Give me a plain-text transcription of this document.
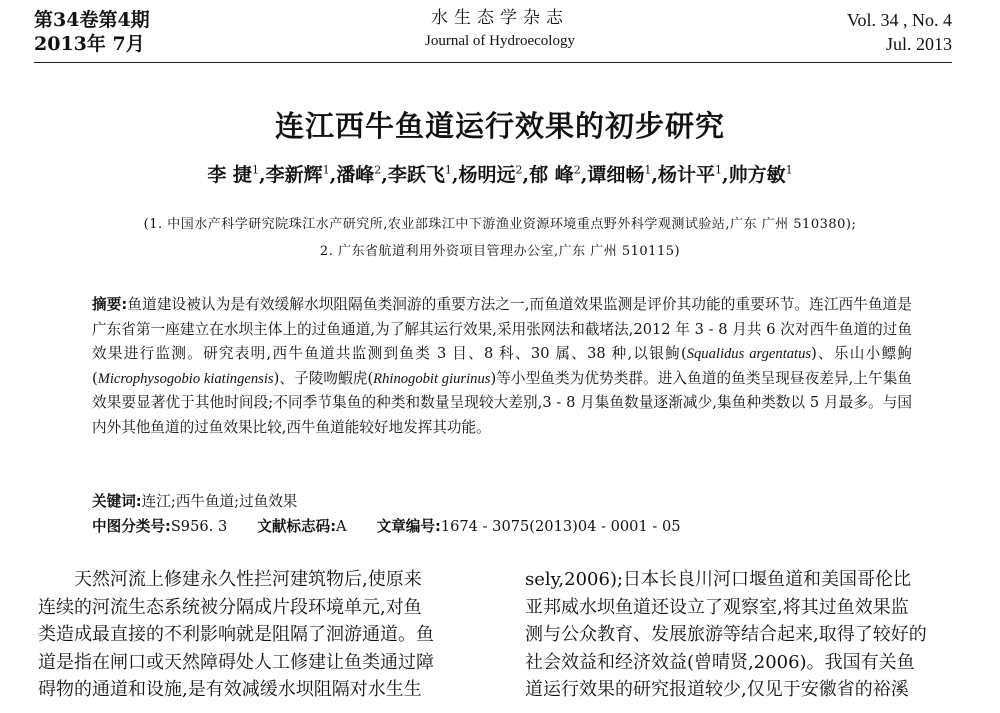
第34卷第4期
2013年 7月
水生态学杂志
Journal of Hydroecology
Vol. 34 , No. 4
Jul. 2013
连江西牛鱼道运行效果的初步研究
李 捷$^1$,李新辉$^1$,潘峰$^2$,李跃飞$^1$,杨明远$^2$,郁 峰$^2$,谭细畅$^1$,杨计平$^1$,帅方敏$^1$
(1. 中国水产科学研究院珠江水产研究所,农业部珠江中下游渔业资源环境重点野外科学观测试验站,广东 广州 510380);
2. 广东省航道利用外资项目管理办公室,广东 广州 510115)
摘要:鱼道建设被认为是有效缓解水坝阻隔鱼类洄游的重要方法之一,而鱼道效果监测是评价其功能的重要环节。连江西牛鱼道是广东省第一座建立在水坝主体上的过鱼通道,为了解其运行效果,采用张网法和截堵法,2012 年 3 - 8 月共 6 次对西牛鱼道的过鱼效果进行监测。研究表明,西牛鱼道共监测到鱼类 3 目、8 科、30 属、38 种,以银鮈(Squalidus argentatus)、乐山小鳔鮈(Microphysogobio kiatingensis)、子陵吻鰕虎(Rhinogobit giurinus)等小型鱼类为优势类群。进入鱼道的鱼类呈现昼夜差异,上午集鱼效果要显著优于其他时间段;不同季节集鱼的种类和数量呈现较大差别,3 - 8 月集鱼数量逐渐减少,集鱼种类数以 5 月最多。与国内外其他鱼道的过鱼效果比较,西牛鱼道能较好地发挥其功能。
关键词:连江;西牛鱼道;过鱼效果
中图分类号:S956. 3 文献标志码:A 文章编号:1674 - 3075(2013)04 - 0001 - 05
天然河流上修建永久性拦河建筑物后,使原来
连续的河流生态系统被分隔成片段环境单元,对鱼
类造成最直接的不利影响就是阻隔了洄游通道。鱼
道是指在闸口或天然障碍处人工修建让鱼类通过障
碍物的通道和设施,是有效减缓水坝阻隔对水生生
sely,2006);日本长良川河口堰鱼道和美国哥伦比
亚邦威水坝鱼道还设立了观察室,将其过鱼效果监
测与公众教育、发展旅游等结合起来,取得了较好的
社会效益和经济效益(曾晴贤,2006)。我国有关鱼
道运行效果的研究报道较少,仅见于安徽省的裕溪
